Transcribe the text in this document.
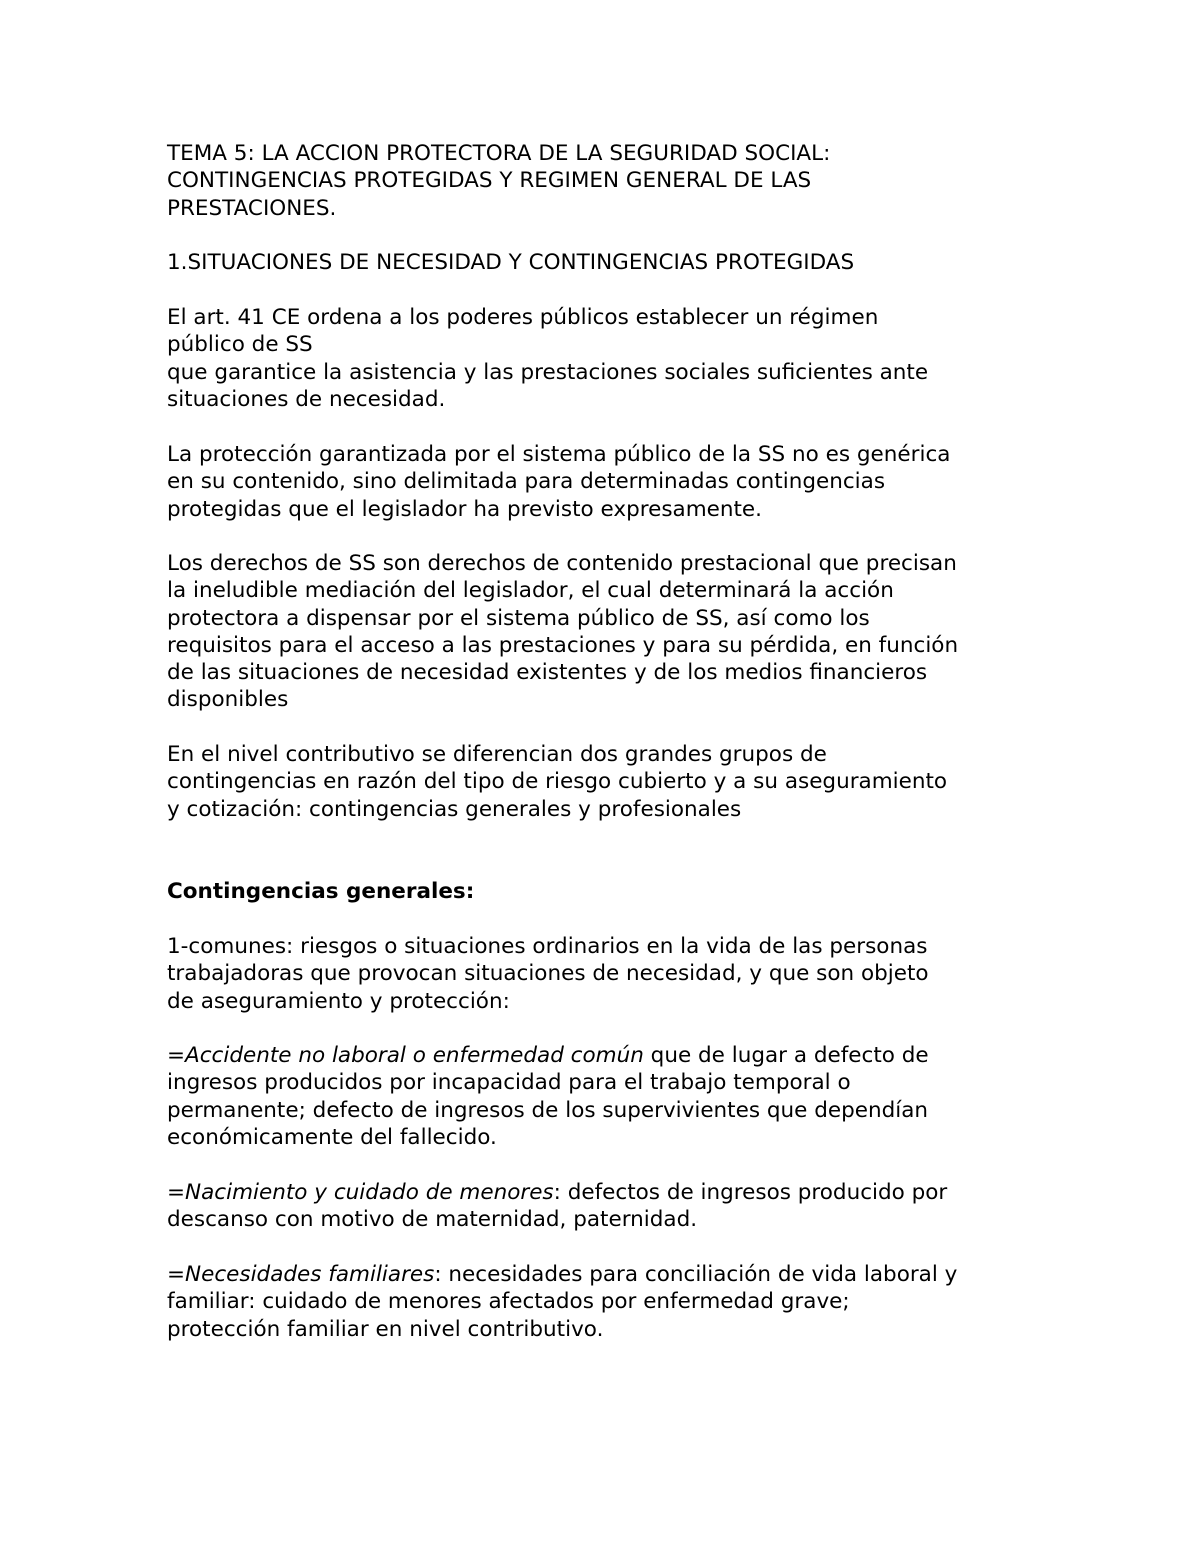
TEMA 5: LA ACCION PROTECTORA DE LA SEGURIDAD SOCIAL:
CONTINGENCIAS PROTEGIDAS Y REGIMEN GENERAL DE LAS
PRESTACIONES.
1.SITUACIONES DE NECESIDAD Y CONTINGENCIAS PROTEGIDAS
El art. 41 CE ordena a los poderes públicos establecer un régimen
público de SS
que garantice la asistencia y las prestaciones sociales suficientes ante
situaciones de necesidad.
La protección garantizada por el sistema público de la SS no es genérica
en su contenido, sino delimitada para determinadas contingencias
protegidas que el legislador ha previsto expresamente.
Los derechos de SS son derechos de contenido prestacional que precisan
la ineludible mediación del legislador, el cual determinará la acción
protectora a dispensar por el sistema público de SS, así como los
requisitos para el acceso a las prestaciones y para su pérdida, en función
de las situaciones de necesidad existentes y de los medios financieros
disponibles
En el nivel contributivo se diferencian dos grandes grupos de
contingencias en razón del tipo de riesgo cubierto y a su aseguramiento
y cotización: contingencias generales y profesionales
Contingencias generales:
1-comunes: riesgos o situaciones ordinarios en la vida de las personas
trabajadoras que provocan situaciones de necesidad, y que son objeto
de aseguramiento y protección:
=Accidente no laboral o enfermedad común que de lugar a defecto de
ingresos producidos por incapacidad para el trabajo temporal o
permanente; defecto de ingresos de los supervivientes que dependían
económicamente del fallecido.
=Nacimiento y cuidado de menores: defectos de ingresos producido por
descanso con motivo de maternidad, paternidad.
=Necesidades familiares: necesidades para conciliación de vida laboral y
familiar: cuidado de menores afectados por enfermedad grave;
protección familiar en nivel contributivo.
